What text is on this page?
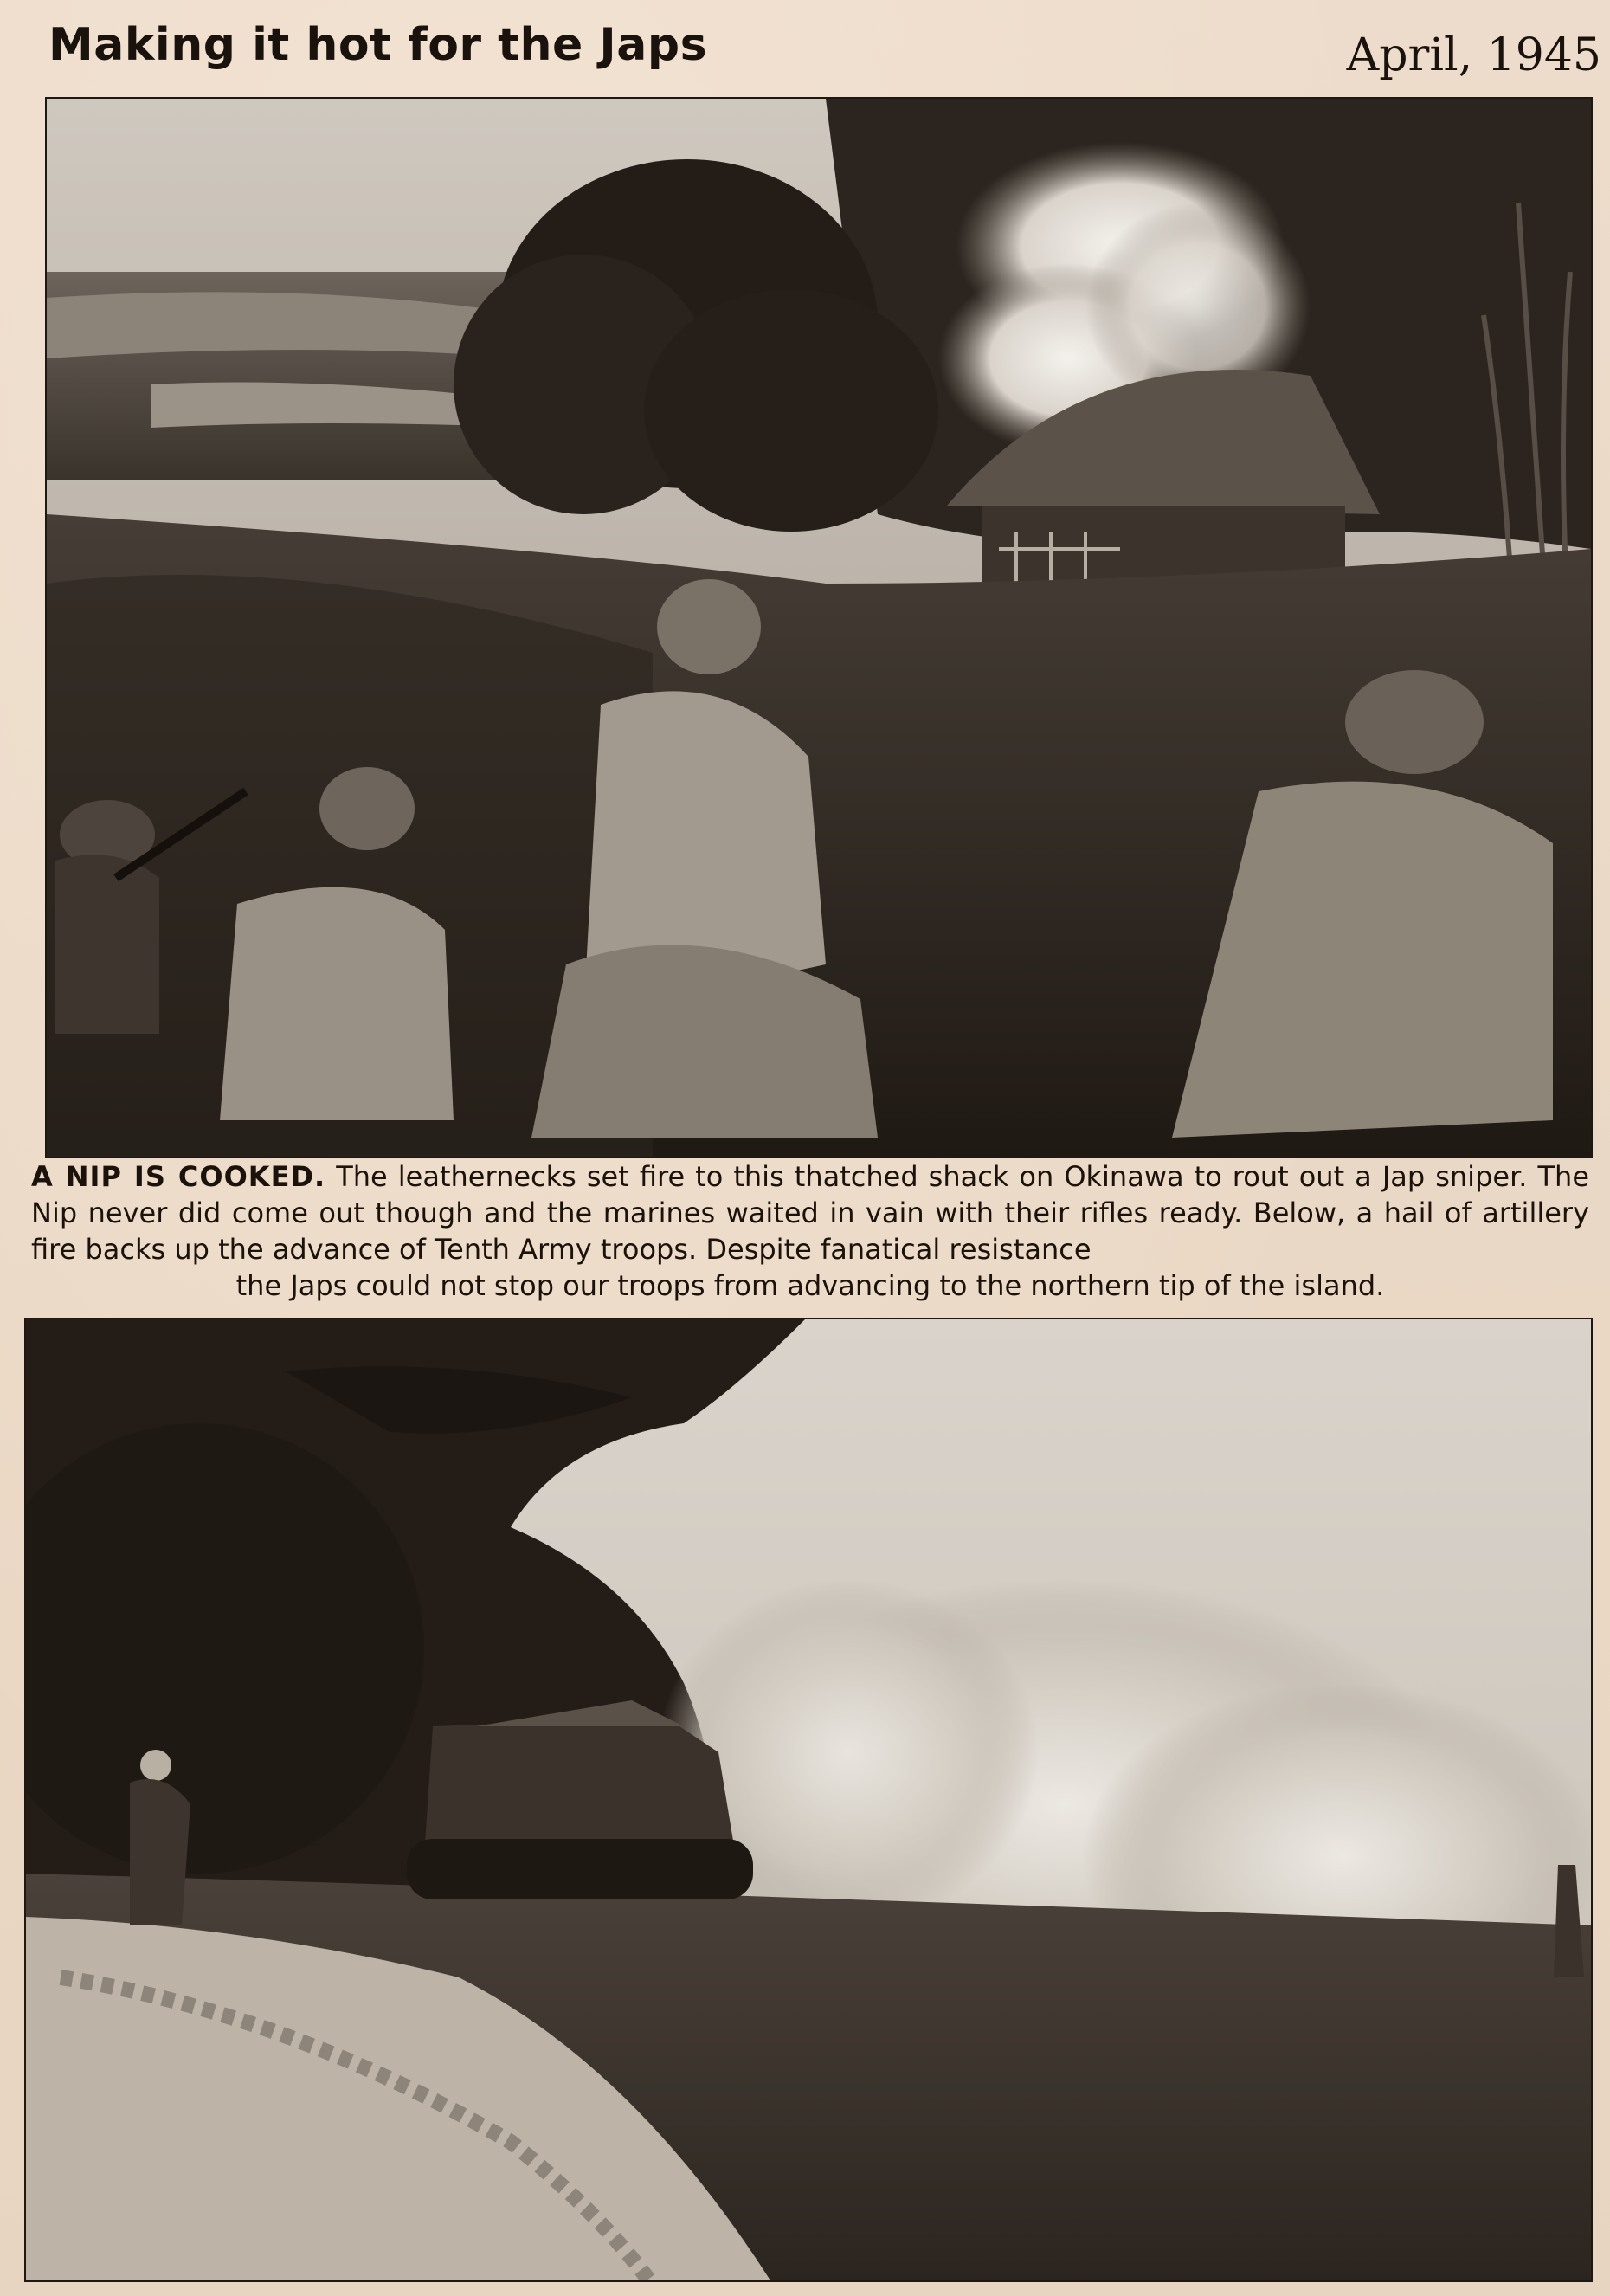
Making it hot for the Japs	April, 1945
A NIP IS COOKED. The leathernecks set fire to this thatched shack on Okinawa to rout out a Jap sniper. The Nip never did come out though and the marines waited in vain with their rifles ready. Below, a hail of artillery fire backs up the advance of Tenth Army troops. Despite fanatical resistance
the Japs could not stop our troops from advancing to the northern tip of the island.
